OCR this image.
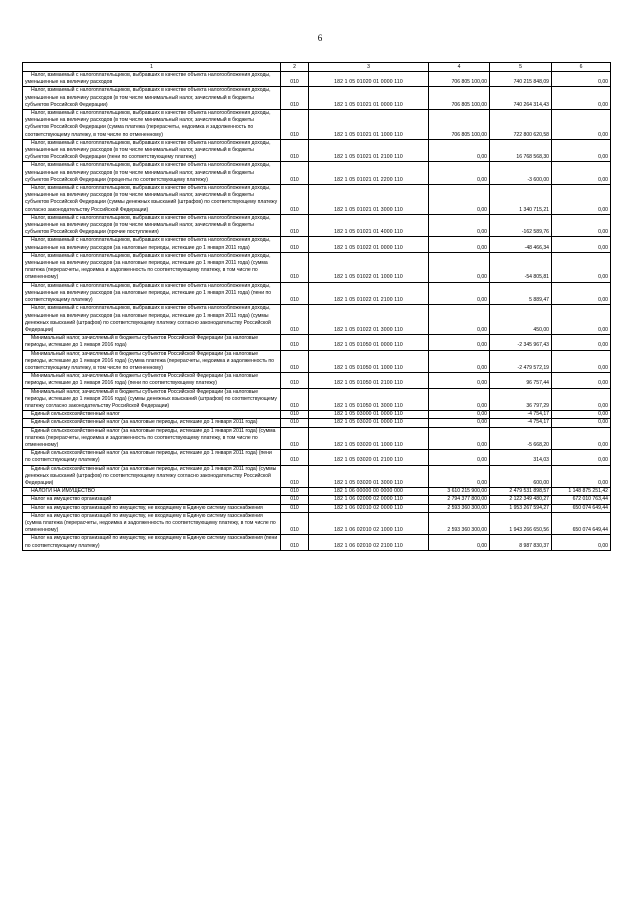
6
1	2	3	4	5	6
Налог, взимаемый с налогоплательщиков, выбравших в качестве объекта налогообложения доходы, уменьшенные на величину расходов	010	182 1 05 01020 01 0000 110	706 805 100,00	740 215 848,09	0,00
Налог, взимаемый с налогоплательщиков, выбравших в качестве объекта налогообложения доходы, уменьшенные на величину расходов (в том числе минимальный налог, зачисляемый в бюджеты субъектов Российской Федерации)	010	182 1 05 01021 01 0000 110	706 805 100,00	740 264 314,43	0,00
Налог, взимаемый с налогоплательщиков, выбравших в качестве объекта налогообложения доходы, уменьшенные на величину расходов (в том числе минимальный налог, зачисляемый в бюджеты субъектов Российской Федерации (сумма платежа (перерасчеты, недоимка и задолженность по соответствующему платежу, в том числе по отмененному)	010	182 1 05 01021 01 1000 110	706 805 100,00	722 800 620,58	0,00
Налог, взимаемый с налогоплательщиков, выбравших в качестве объекта налогообложения доходы, уменьшенные на величину расходов (в том числе минимальный налог, зачисляемый в бюджеты субъектов Российской Федерации (пени по соответствующему платежу)	010	182 1 05 01021 01 2100 110	0,00	16 768 568,30	0,00
Налог, взимаемый с налогоплательщиков, выбравших в качестве объекта налогообложения доходы, уменьшенные на величину расходов (в том числе минимальный налог, зачисляемый в бюджеты субъектов Российской Федерации (проценты по соответствующему платежу)	010	182 1 05 01021 01 2200 110	0,00	-3 600,00	0,00
Налог, взимаемый с налогоплательщиков, выбравших в качестве объекта налогообложения доходы, уменьшенные на величину расходов (в том числе минимальный налог, зачисляемый в бюджеты субъектов Российской Федерации (суммы денежных взысканий (штрафов) по соответствующему платежу согласно законодательству Российской Федерации)	010	182 1 05 01021 01 3000 110	0,00	1 340 715,21	0,00
Налог, взимаемый с налогоплательщиков, выбравших в качестве объекта налогообложения доходы, уменьшенные на величину расходов (в том числе минимальный налог, зачисляемый в бюджеты субъектов Российской Федерации (прочие поступления)	010	182 1 05 01021 01 4000 110	0,00	-162 589,76	0,00
Налог, взимаемый с налогоплательщиков, выбравших в качестве объекта налогообложения доходы, уменьшенные на величину расходов (за налоговые периоды, истекшие до 1 января 2011 года)	010	182 1 05 01022 01 0000 110	0,00	-48 466,34	0,00
Налог, взимаемый с налогоплательщиков, выбравших в качестве объекта налогообложения доходы, уменьшенные на величину расходов (за налоговые периоды, истекшие до 1 января 2011 года) (сумма платежа (перерасчеты, недоимка и задолженность по соответствующему платежу, в том числе по отмененному)	010	182 1 05 01022 01 1000 110	0,00	-54 805,81	0,00
Налог, взимаемый с налогоплательщиков, выбравших в качестве объекта налогообложения доходы, уменьшенные на величину расходов (за налоговые периоды, истекшие до 1 января 2011 года) (пени по соответствующему платежу)	010	182 1 05 01022 01 2100 110	0,00	5 889,47	0,00
Налог, взимаемый с налогоплательщиков, выбравших в качестве объекта налогообложения доходы, уменьшенные на величину расходов (за налоговые периоды, истекшие до 1 января 2011 года) (суммы денежных взысканий (штрафов) по соответствующему платежу согласно законодательству Российской Федерации)	010	182 1 05 01022 01 3000 110	0,00	450,00	0,00
Минимальный налог, зачисляемый в бюджеты субъектов Российской Федерации (за налоговые периоды, истекшие до 1 января 2016 года)	010	182 1 05 01050 01 0000 110	0,00	-2 345 967,43	0,00
Минимальный налог, зачисляемый в бюджеты субъектов Российской Федерации (за налоговые периоды, истекшие до 1 января 2016 года) (сумма платежа (перерасчеты, недоимка и задолженность по соответствующему платежу, в том числе по отмененному)	010	182 1 05 01050 01 1000 110	0,00	-2 479 572,19	0,00
Минимальный налог, зачисляемый в бюджеты субъектов Российской Федерации (за налоговые периоды, истекшие до 1 января 2016 года) (пени по соответствующему платежу)	010	182 1 05 01050 01 2100 110	0,00	96 757,44	0,00
Минимальный налог, зачисляемый в бюджеты субъектов Российской Федерации (за налоговые периоды, истекшие до 1 января 2016 года) (суммы денежных взысканий (штрафов) по соответствующему платежу согласно законодательству Российской Федерации)	010	182 1 05 01050 01 3000 110	0,00	36 797,29	0,00
Единый сельскохозяйственный налог	010	182 1 05 03000 01 0000 110	0,00	-4 754,17	0,00
Единый сельскохозяйственный налог (за налоговые периоды, истекшие до 1 января 2011 года)	010	182 1 05 03020 01 0000 110	0,00	-4 754,17	0,00
Единый сельскохозяйственный налог (за налоговые периоды, истекшие до 1 января 2011 года) (сумма платежа (перерасчеты, недоимка и задолженность по соответствующему платежу, в том числе по отмененному)	010	182 1 05 03020 01 1000 110	0,00	-5 668,20	0,00
Единый сельскохозяйственный налог (за налоговые периоды, истекшие до 1 января 2011 года) (пени по соответствующему платежу)	010	182 1 05 03020 01 2100 110	0,00	314,03	0,00
Единый сельскохозяйственный налог (за налоговые периоды, истекшие до 1 января 2011 года) (суммы денежных взысканий (штрафов) по соответствующему платежу согласно законодательству Российской Федерации)	010	182 1 05 03020 01 3000 110	0,00	600,00	0,00
НАЛОГИ НА ИМУЩЕСТВО	010	182 1 06 00000 00 0000 000	3 610 215 900,00	2 479 531 898,57	1 148 875 251,42
Налог на имущество организаций	010	182 1 06 02000 02 0000 110	2 794 377 800,00	2 122 349 480,27	672 010 763,44
Налог на имущество организаций по имуществу, не входящему в Единую систему газоснабжения	010	182 1 06 02010 02 0000 110	2 593 360 300,00	1 953 267 594,27	650 074 649,44
Налог на имущество организаций по имуществу, не входящему в Единую систему газоснабжения (сумма платежа (перерасчеты, недоимка и задолженность по соответствующему платежу, в том числе по отмененному)	010	182 1 06 02010 02 1000 110	2 593 360 300,00	1 943 266 650,56	650 074 649,44
Налог на имущество организаций по имуществу, не входящему в Единую систему газоснабжения (пени по соответствующему платежу)	010	182 1 06 02010 02 2100 110	0,00	8 987 830,37	0,00
